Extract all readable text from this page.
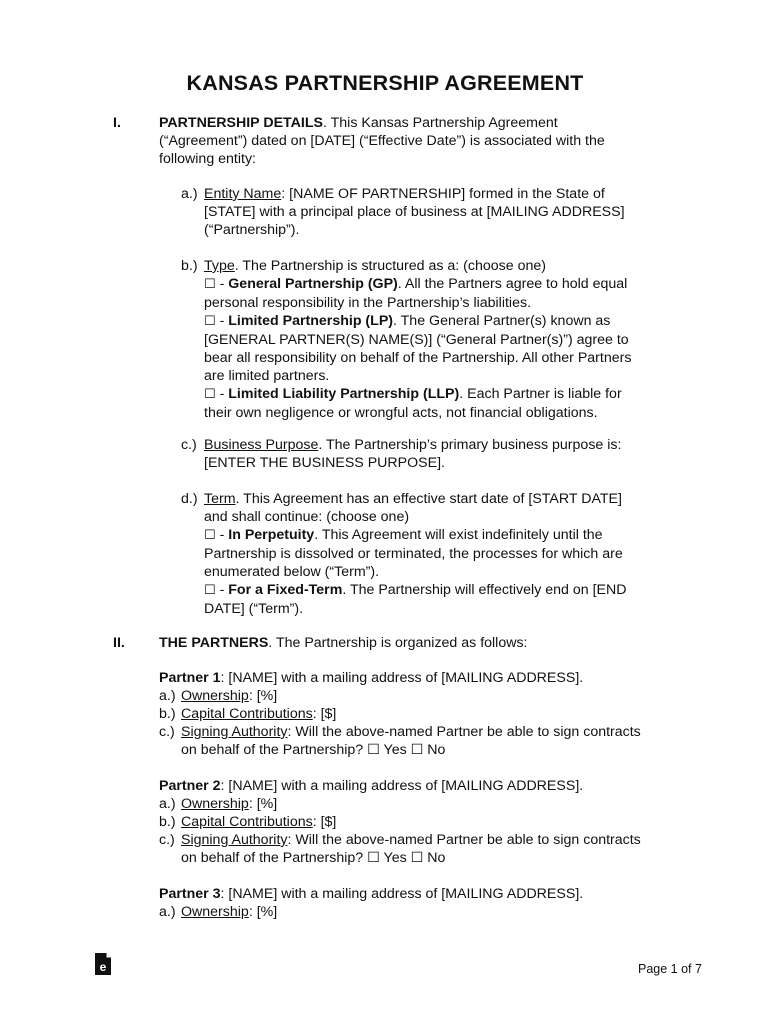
KANSAS PARTNERSHIP AGREEMENT
I.	PARTNERSHIP DETAILS. This Kansas Partnership Agreement
(“Agreement”) dated on [DATE] (“Effective Date”) is associated with the
following entity:
a.) Entity Name: [NAME OF PARTNERSHIP] formed in the State of
[STATE] with a principal place of business at [MAILING ADDRESS]
(“Partnership”).
b.) Type. The Partnership is structured as a: (choose one)
☐ - General Partnership (GP). All the Partners agree to hold equal
personal responsibility in the Partnership’s liabilities.
☐ - Limited Partnership (LP). The General Partner(s) known as
[GENERAL PARTNER(S) NAME(S)] (“General Partner(s)”) agree to
bear all responsibility on behalf of the Partnership. All other Partners
are limited partners.
☐ - Limited Liability Partnership (LLP). Each Partner is liable for
their own negligence or wrongful acts, not financial obligations.
c.) Business Purpose. The Partnership’s primary business purpose is:
[ENTER THE BUSINESS PURPOSE].
d.) Term. This Agreement has an effective start date of [START DATE]
and shall continue: (choose one)
☐ - In Perpetuity. This Agreement will exist indefinitely until the
Partnership is dissolved or terminated, the processes for which are
enumerated below (“Term”).
☐ - For a Fixed-Term. The Partnership will effectively end on [END
DATE] (“Term”).
II. THE PARTNERS. The Partnership is organized as follows:
Partner 1: [NAME] with a mailing address of [MAILING ADDRESS].
a.) Ownership: [%]
b.) Capital Contributions: [$]
c.) Signing Authority: Will the above-named Partner be able to sign contracts
on behalf of the Partnership? ☐ Yes ☐ No
Partner 2: [NAME] with a mailing address of [MAILING ADDRESS].
a.) Ownership: [%]
b.) Capital Contributions: [$]
c.) Signing Authority: Will the above-named Partner be able to sign contracts
on behalf of the Partnership? ☐ Yes ☐ No
Partner 3: [NAME] with a mailing address of [MAILING ADDRESS].
a.) Ownership: [%]
e	Page 1 of 7
